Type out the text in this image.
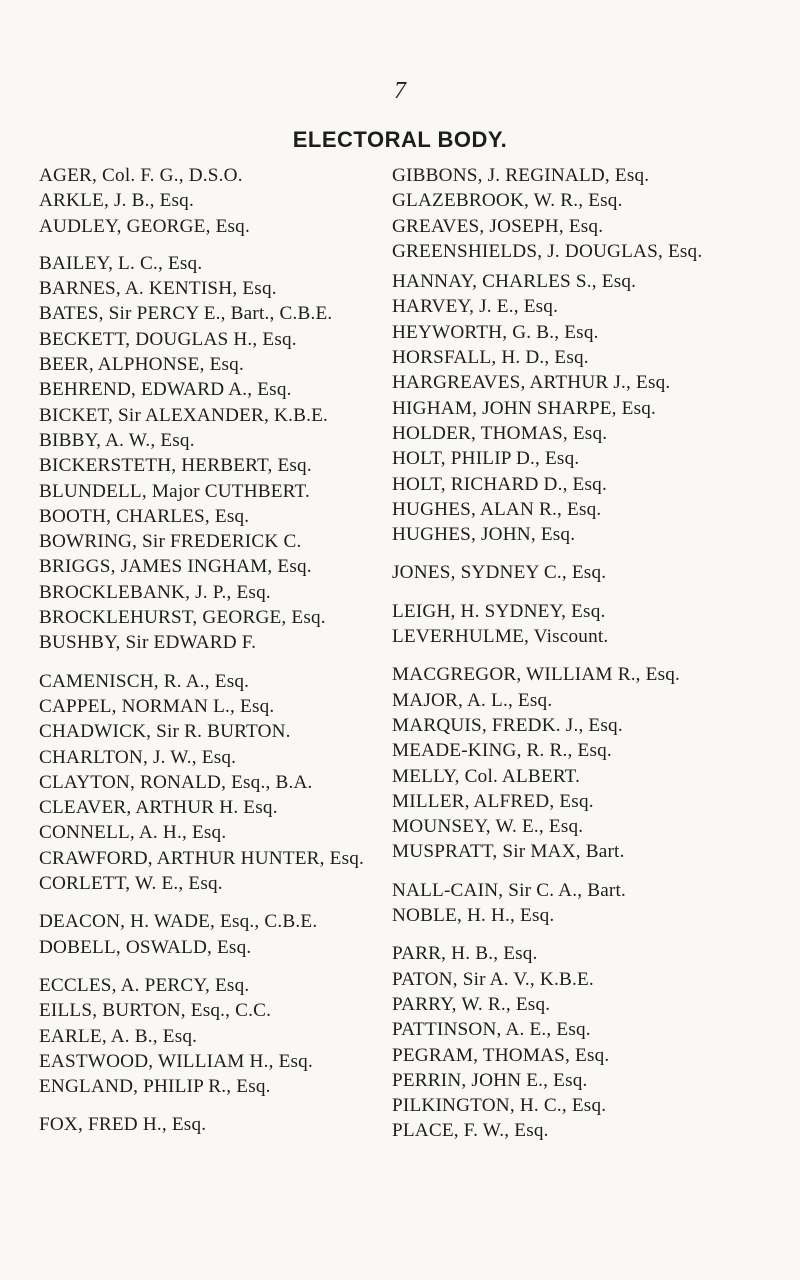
7
ELECTORAL BODY.
AGER, Col. F. G., D.S.O.
ARKLE, J. B., Esq.
AUDLEY, GEORGE, Esq.
BAILEY, L. C., Esq.
BARNES, A. KENTISH, Esq.
BATES, Sir PERCY E., Bart., C.B.E.
BECKETT, DOUGLAS H., Esq.
BEER, ALPHONSE, Esq.
BEHREND, EDWARD A., Esq.
BICKET, Sir ALEXANDER, K.B.E.
BIBBY, A. W., Esq.
BICKERSTETH, HERBERT, Esq.
BLUNDELL, Major CUTHBERT.
BOOTH, CHARLES, Esq.
BOWRING, Sir FREDERICK C.
BRIGGS, JAMES INGHAM, Esq.
BROCKLEBANK, J. P., Esq.
BROCKLEHURST, GEORGE, Esq.
BUSHBY, Sir EDWARD F.
CAMENISCH, R. A., Esq.
CAPPEL, NORMAN L., Esq.
CHADWICK, Sir R. BURTON.
CHARLTON, J. W., Esq.
CLAYTON, RONALD, Esq., B.A.
CLEAVER, ARTHUR H. Esq.
CONNELL, A. H., Esq.
CRAWFORD, ARTHUR HUNTER, Esq.
CORLETT, W. E., Esq.
DEACON, H. WADE, Esq., C.B.E.
DOBELL, OSWALD, Esq.
ECCLES, A. PERCY, Esq.
EILLS, BURTON, Esq., C.C.
EARLE, A. B., Esq.
EASTWOOD, WILLIAM H., Esq.
ENGLAND, PHILIP R., Esq.
FOX, FRED H., Esq.
GIBBONS, J. REGINALD, Esq.
GLAZEBROOK, W. R., Esq.
GREAVES, JOSEPH, Esq.
GREENSHIELDS, J. DOUGLAS, Esq.
HANNAY, CHARLES S., Esq.
HARVEY, J. E., Esq.
HEYWORTH, G. B., Esq.
HORSFALL, H. D., Esq.
HARGREAVES, ARTHUR J., Esq.
HIGHAM, JOHN SHARPE, Esq.
HOLDER, THOMAS, Esq.
HOLT, PHILIP D., Esq.
HOLT, RICHARD D., Esq.
HUGHES, ALAN R., Esq.
HUGHES, JOHN, Esq.
JONES, SYDNEY C., Esq.
LEIGH, H. SYDNEY, Esq.
LEVERHULME, Viscount.
MACGREGOR, WILLIAM R., Esq.
MAJOR, A. L., Esq.
MARQUIS, FREDK. J., Esq.
MEADE-KING, R. R., Esq.
MELLY, Col. ALBERT.
MILLER, ALFRED, Esq.
MOUNSEY, W. E., Esq.
MUSPRATT, Sir MAX, Bart.
NALL-CAIN, Sir C. A., Bart.
NOBLE, H. H., Esq.
PARR, H. B., Esq.
PATON, Sir A. V., K.B.E.
PARRY, W. R., Esq.
PATTINSON, A. E., Esq.
PEGRAM, THOMAS, Esq.
PERRIN, JOHN E., Esq.
PILKINGTON, H. C., Esq.
PLACE, F. W., Esq.
